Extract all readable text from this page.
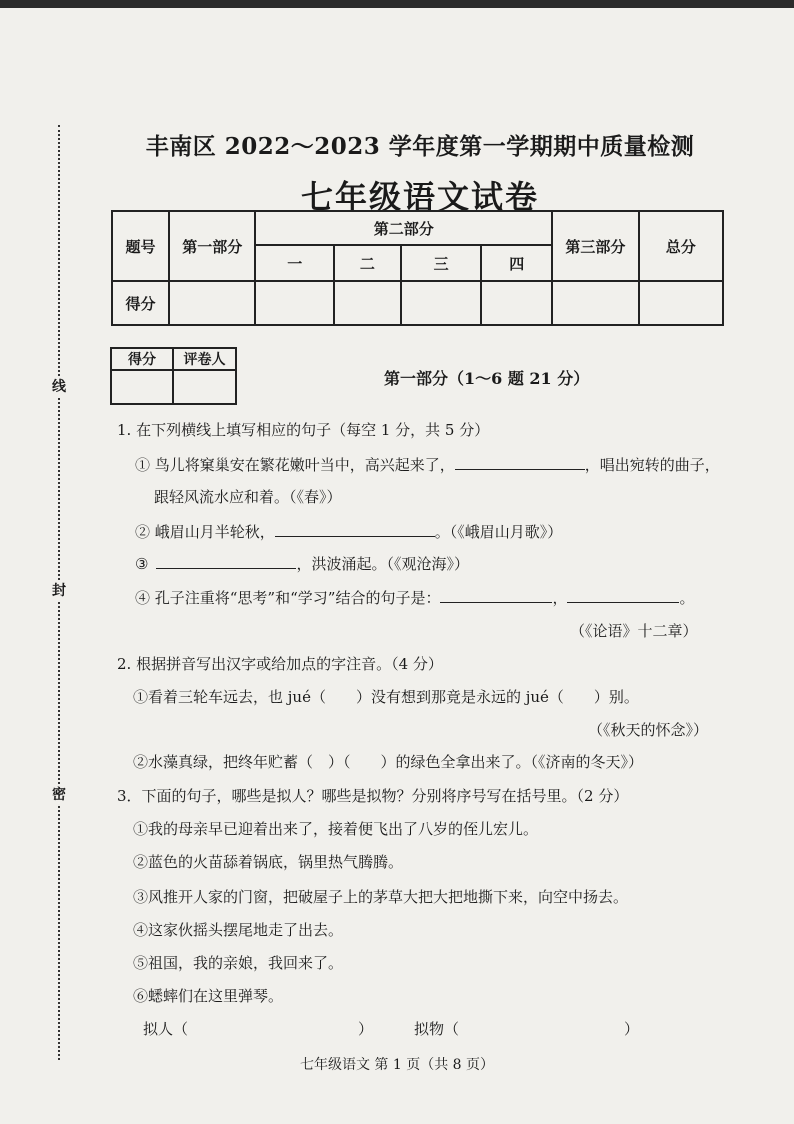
线
封
密
丰南区 2022～2023 学年度第一学期期中质量检测
七年级语文试卷
题号	第一部分	第二部分				第三部分	总分
		一	二	三	四		
得分							
得分	评卷人

第一部分（1～6 题 21 分）
1. 在下列横线上填写相应的句子（每空 1 分，共 5 分）
① 鸟儿将窠巢安在繁花嫩叶当中，高兴起来了，	，唱出宛转的曲子，
跟轻风流水应和着。（《春》）
② 峨眉山月半轮秋，	。（《峨眉山月歌》）
③	，洪波涌起。（《观沧海》）
④ 孔子注重将“思考”和“学习”结合的句子是：	，	。
（《论语》十二章）
2. 根据拼音写出汉字或给加点的字注音。（4 分）
①看着三轮车远去，也 jué（　　）没有想到那竟是永远的 jué（　　）别。
（《秋天的怀念》）
②水藻真绿，把终年贮蓄（　）（　　）的绿色全拿出来了。（《济南的冬天》）
3．下面的句子，哪些是拟人？哪些是拟物？分别将序号写在括号里。（2 分）
①我的母亲早已迎着出来了，接着便飞出了八岁的侄儿宏儿。
②蓝色的火苗舔着锅底，锅里热气腾腾。
③风推开人家的门窗，把破屋子上的茅草大把大把地撕下来，向空中扬去。
④这家伙摇头摆尾地走了出去。
⑤祖国，我的亲娘，我回来了。
⑥蟋蟀们在这里弹琴。
拟人（	）	拟物（	）
七年级语文 第 1 页（共 8 页）
